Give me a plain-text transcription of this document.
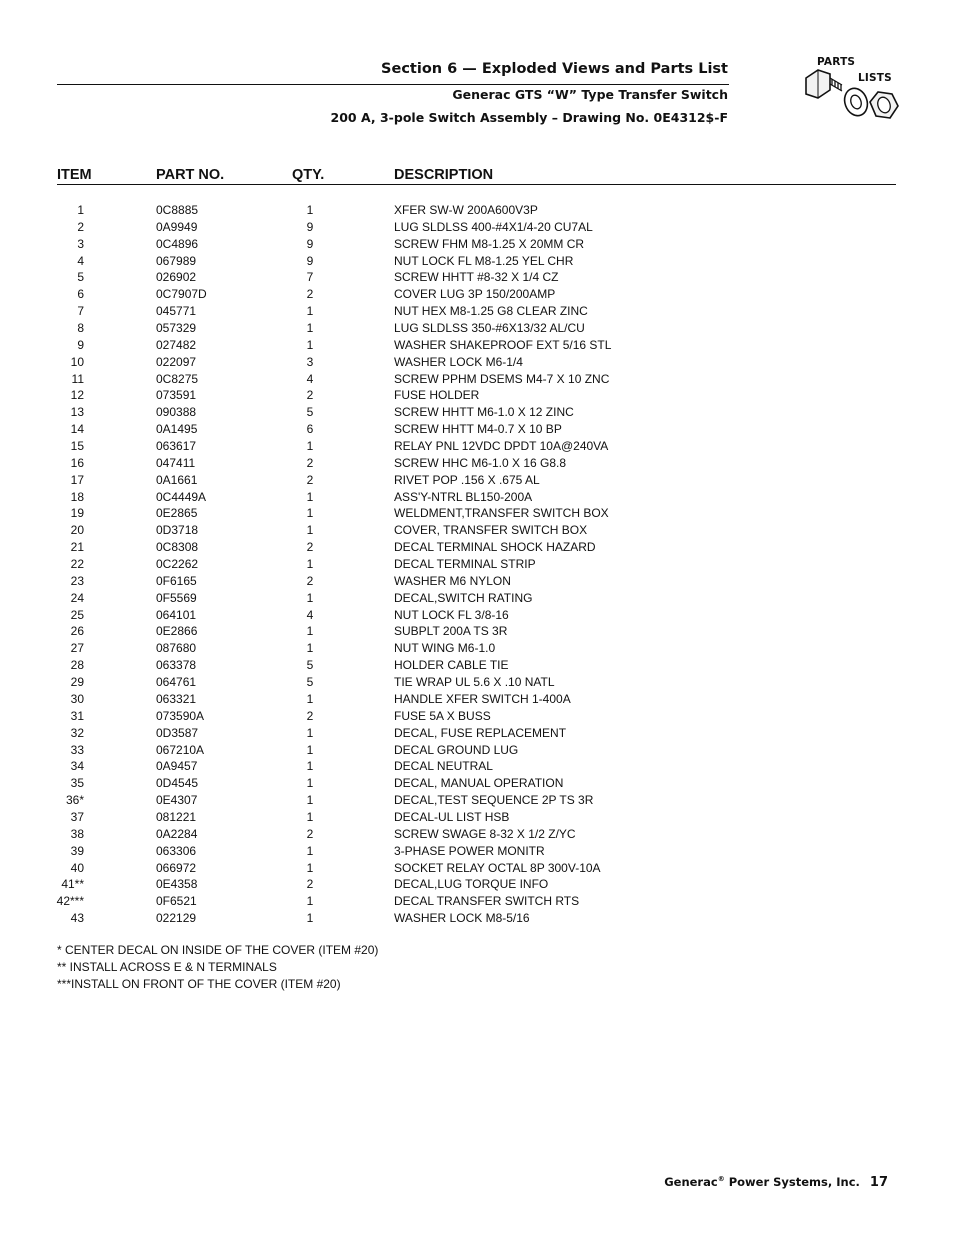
Section 6 — Exploded Views and Parts List
Generac GTS “W” Type Transfer Switch
200 A, 3-pole Switch Assembly – Drawing No. 0E4312$-F
PARTS
LISTS
ITEM	PART NO.	QTY.	DESCRIPTION
1	0C8885	1	XFER SW-W 200A600V3P
2	0A9949	9	LUG SLDLSS 400-#4X1/4-20 CU7AL
3	0C4896	9	SCREW FHM M8-1.25 X 20MM CR
4	067989	9	NUT LOCK FL M8-1.25 YEL CHR
5	026902	7	SCREW HHTT #8-32 X 1/4 CZ
6	0C7907D	2	COVER LUG 3P 150/200AMP
7	045771	1	NUT HEX M8-1.25 G8 CLEAR ZINC
8	057329	1	LUG SLDLSS 350-#6X13/32 AL/CU
9	027482	1	WASHER SHAKEPROOF EXT 5/16 STL
10	022097	3	WASHER LOCK M6-1/4
11	0C8275	4	SCREW PPHM DSEMS M4-7 X 10 ZNC
12	073591	2	FUSE HOLDER
13	090388	5	SCREW HHTT M6-1.0 X 12 ZINC
14	0A1495	6	SCREW HHTT M4-0.7 X 10 BP
15	063617	1	RELAY PNL 12VDC DPDT 10A@240VA
16	047411	2	SCREW HHC M6-1.0 X 16 G8.8
17	0A1661	2	RIVET POP .156 X .675 AL
18	0C4449A	1	ASS'Y-NTRL BL150-200A
19	0E2865	1	WELDMENT,TRANSFER SWITCH BOX
20	0D3718	1	COVER, TRANSFER SWITCH BOX
21	0C8308	2	DECAL TERMINAL SHOCK HAZARD
22	0C2262	1	DECAL TERMINAL STRIP
23	0F6165	2	WASHER M6 NYLON
24	0F5569	1	DECAL,SWITCH RATING
25	064101	4	NUT LOCK FL 3/8-16
26	0E2866	1	SUBPLT 200A TS 3R
27	087680	1	NUT WING M6-1.0
28	063378	5	HOLDER CABLE TIE
29	064761	5	TIE WRAP UL 5.6 X .10 NATL
30	063321	1	HANDLE XFER SWITCH 1-400A
31	073590A	2	FUSE 5A X BUSS
32	0D3587	1	DECAL, FUSE REPLACEMENT
33	067210A	1	DECAL GROUND LUG
34	0A9457	1	DECAL NEUTRAL
35	0D4545	1	DECAL, MANUAL OPERATION
36*	0E4307	1	DECAL,TEST SEQUENCE 2P TS 3R
37	081221	1	DECAL-UL LIST HSB
38	0A2284	2	SCREW SWAGE 8-32 X 1/2 Z/YC
39	063306	1	3-PHASE POWER MONITR
40	066972	1	SOCKET RELAY OCTAL 8P 300V-10A
41**	0E4358	2	DECAL,LUG TORQUE INFO
42***	0F6521	1	DECAL TRANSFER SWITCH RTS
43	022129	1	WASHER LOCK M8-5/16
* CENTER DECAL ON INSIDE OF THE COVER (ITEM #20)
** INSTALL ACROSS E & N TERMINALS
***INSTALL ON FRONT OF THE COVER (ITEM #20)
Generac® Power Systems, Inc. 17
